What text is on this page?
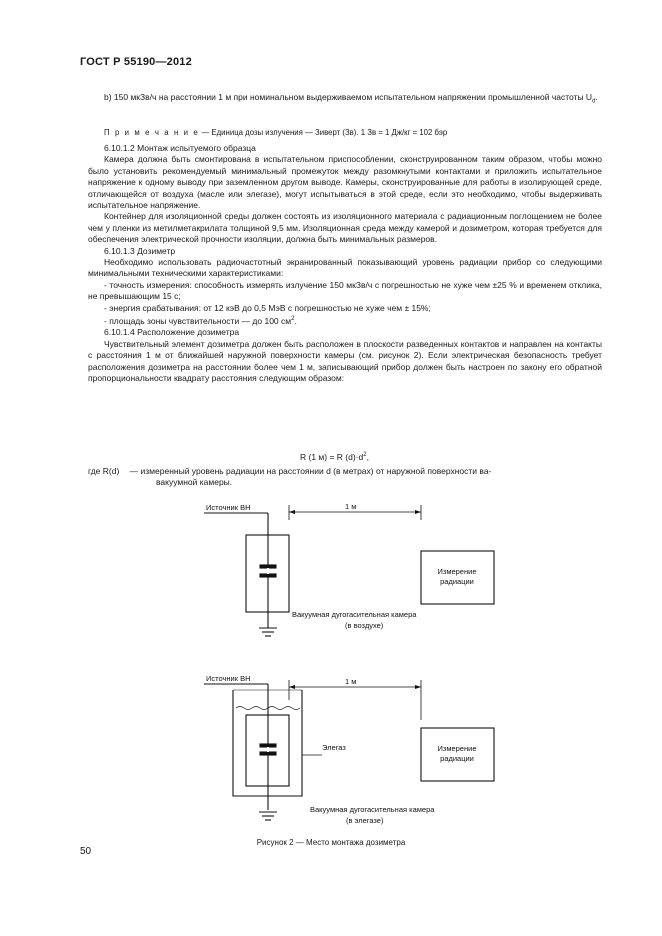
ГОСТ Р 55190—2012
b) 150 мкЗв/ч на расстоянии 1 м при номинальном выдерживаемом испытательном напряжении промышленной частоты $U_d$.
П р и м е ч а н и е — Единица дозы излучения — Зиверт (Зв). 1 Зв = 1 Дж/кг = 102 бэр
6.10.1.2 Монтаж испытуемого образца
Камера должна быть смонтирована в испытательном приспособлении, сконструированном таким образом, чтобы можно было установить рекомендуемый минимальный промежуток между разомкнутыми контактами и приложить испытательное напряжение к одному выводу при заземленном другом выводе. Камеры, сконструированные для работы в изолирующей среде, отличающейся от воздуха (масле или элегазе), могут испытываться в этой среде, если это необходимо, чтобы выдерживать испытательное напряжение.
Контейнер для изоляционной среды должен состоять из изоляционного материала с радиационным поглощением не более чем у пленки из метилметакрилата толщиной 9,5 мм. Изоляционная среда между камерой и дозиметром, которая требуется для обеспечения электрической прочности изоляции, должна быть минимальных размеров.
6.10.1.3 Дозиметр
Необходимо использовать радиочастотный экранированный показывающий уровень радиации прибор со следующими минимальными техническими характеристиками:
- точность измерения: способность измерять излучение 150 мкЗв/ч с погрешностью не хуже чем ±25 % и временем отклика, не превышающим 15 с;
- энергия срабатывания: от 12 кэВ до 0,5 МэВ с погрешностью не хуже чем ± 15%;
- площадь зоны чувствительности — до 100 $см^2$.
6.10.1.4 Расположение дозиметра
Чувствительный элемент дозиметра должен быть расположен в плоскости разведенных контактов и направлен на контакты с расстояния 1 м от ближайшей наружной поверхности камеры (см. рисунок 2). Если электрическая безопасность требует расположения дозиметра на расстоянии более чем 1 м, записывающий прибор должен быть настроен по закону его обратной пропорциональности квадрату расстояния следующим образом:
R (1 м) = R $(d)\cdot d^2$,
где R(d) — измеренный уровень радиации на расстоянии d (в метрах) от наружной поверхности ва-
вакуумной камеры.
Источник ВН	1 м
Измерение
радиации
Вакуумная дугогасительная камера
(в воздухе)
Источник ВН	1 м
Элегаз	Измерение
радиации
Вакуумная дугогасительная камера
(в элегазе)
Рисунок 2 — Место монтажа дозиметра
50
